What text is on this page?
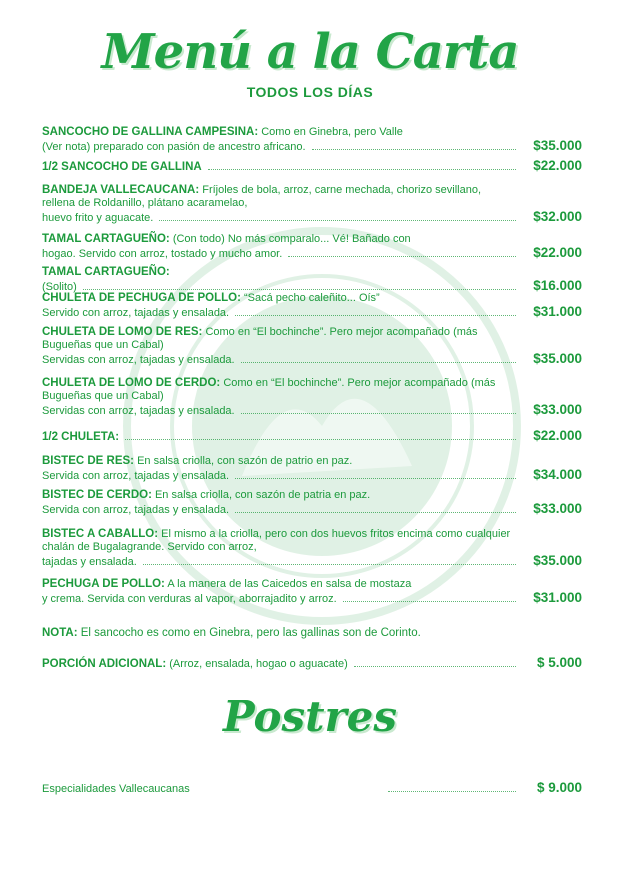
Menú a la Carta
TODOS LOS DÍAS
SANCOCHO DE GALLINA CAMPESINA: Como en Ginebra, pero Valle
(Ver nota) preparado con pasión de ancestro africano.	$35.000
1/2 SANCOCHO DE GALLINA	$22.000
BANDEJA VALLECAUCANA: Fríjoles de bola, arroz, carne mechada, chorizo sevillano, rellena de Roldanillo, plátano acaramelao,
huevo frito y aguacate.	$32.000
TAMAL CARTAGUEÑO: (Con todo) No más comparalo... Vé! Bañado con
hogao. Servido con arroz, tostado y mucho amor.	$22.000
TAMAL CARTAGUEÑO:
(Solito)	$16.000
CHULETA DE PECHUGA DE POLLO: “Sacá pecho caleñito... Oís”
Servido con arroz, tajadas y ensalada.	$31.000
CHULETA DE LOMO DE RES: Como en “El bochinche”. Pero mejor acompañado (más Bugueñas que un Cabal)
Servidas con arroz, tajadas y ensalada.	$35.000
CHULETA DE LOMO DE CERDO: Como en “El bochinche”. Pero mejor acompañado (más Bugueñas que un Cabal)
Servidas con arroz, tajadas y ensalada.	$33.000
1/2 CHULETA:	$22.000
BISTEC DE RES: En salsa criolla, con sazón de patrio en paz.
Servida con arroz, tajadas y ensalada.	$34.000
BISTEC DE CERDO: En salsa criolla, con sazón de patria en paz.
Servida con arroz, tajadas y ensalada.	$33.000
BISTEC A CABALLO: El mismo a la criolla, pero con dos huevos fritos encima como cualquier chalán de Bugalagrande. Servido con arroz,
tajadas y ensalada.	$35.000
PECHUGA DE POLLO: A la manera de las Caicedos en salsa de mostaza
y crema. Servida con verduras al vapor, aborrajadito y arroz.	$31.000
NOTA: El sancocho es como en Ginebra, pero las gallinas son de Corinto.
PORCIÓN ADICIONAL: (Arroz, ensalada, hogao o aguacate)	$ 5.000
Postres
Especialidades Vallecaucanas	$ 9.000
